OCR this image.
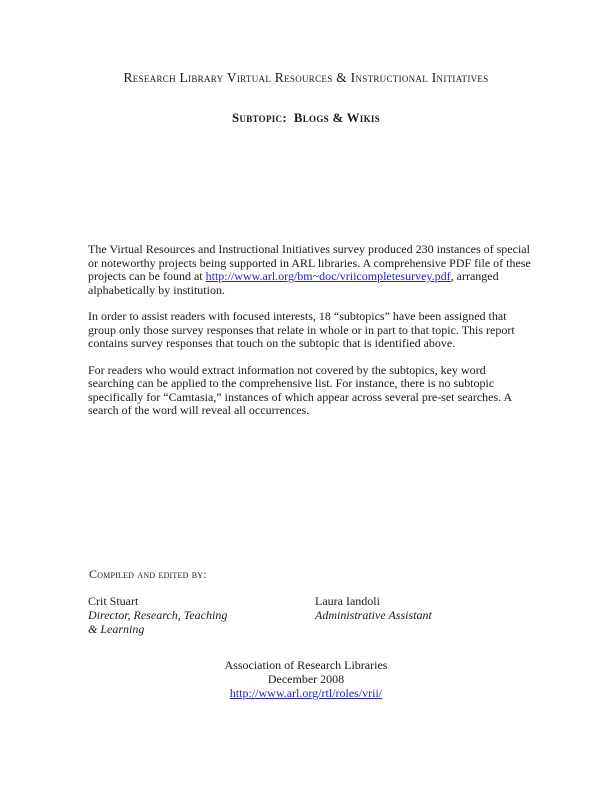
Research Library Virtual Resources & Instructional Initiatives
Subtopic:  Blogs & Wikis

The Virtual Resources and Instructional Initiatives survey produced 230 instances of special or noteworthy projects being supported in ARL libraries. A comprehensive PDF file of these projects can be found at http://www.arl.org/bm~doc/vriicompletesurvey.pdf, arranged alphabetically by institution.

In order to assist readers with focused interests, 18 “subtopics” have been assigned that group only those survey responses that relate in whole or in part to that topic. This report contains survey responses that touch on the subtopic that is identified above.

For readers who would extract information not covered by the subtopics, key word searching can be applied to the comprehensive list. For instance, there is no subtopic specifically for “Camtasia,” instances of which appear across several pre-set searches. A search of the word will reveal all occurrences.

Compiled and edited by:
Crit Stuart
Director, Research, Teaching
& Learning
Laura Iandoli
Administrative Assistant
Association of Research Libraries
December 2008
http://www.arl.org/rtl/roles/vrii/
